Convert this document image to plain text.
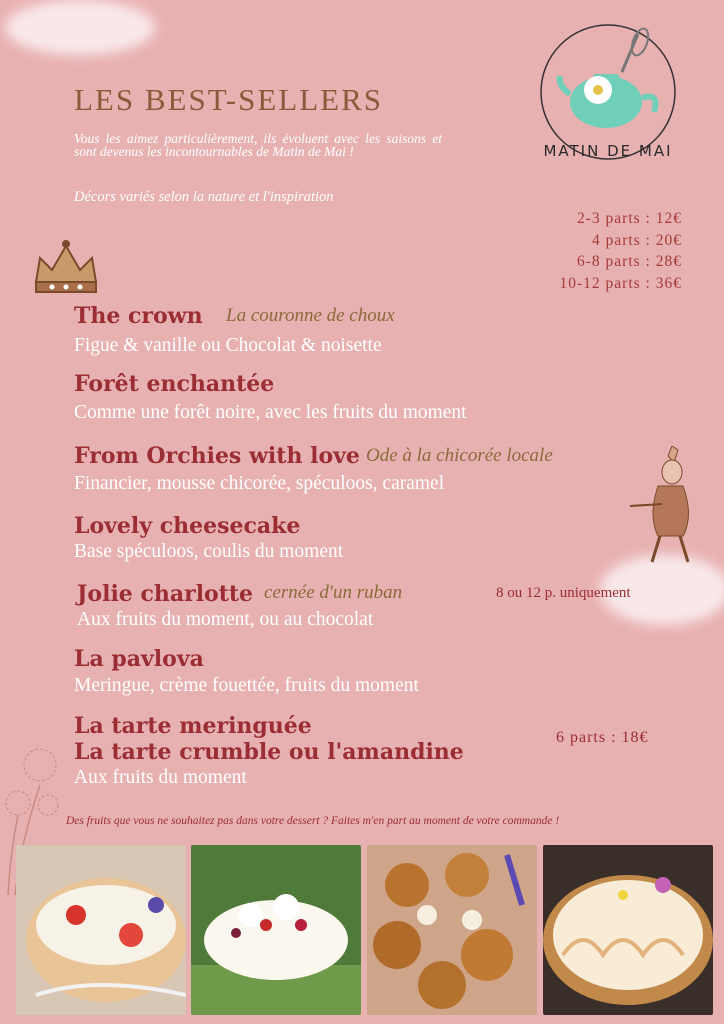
MATIN DE MAI
LES BEST-SELLERS
Vous les aimez particulièrement, ils évoluent avec les saisons et sont devenus les incontournables de Matin de Mai !
Décors variés selon la nature et l'inspiration
2-3 parts : 12€
4 parts : 20€
6-8 parts : 28€
10-12 parts : 36€
The crown La couronne de choux
Figue & vanille ou Chocolat & noisette
Forêt enchantée
Comme une forêt noire, avec les fruits du moment
From Orchies with love Ode à la chicorée locale
Financier, mousse chicorée, spéculoos, caramel
Lovely cheesecake
Base spéculoos, coulis du moment
Jolie charlotte cernée d'un ruban	8 ou 12 p. uniquement
Aux fruits du moment, ou au chocolat
La pavlova
Meringue, crème fouettée, fruits du moment
La tarte meringuée
La tarte crumble ou l'amandine
6 parts : 18€
Aux fruits du moment
Des fruits que vous ne souhaitez pas dans votre dessert ? Faites m'en part au moment de votre commande !
